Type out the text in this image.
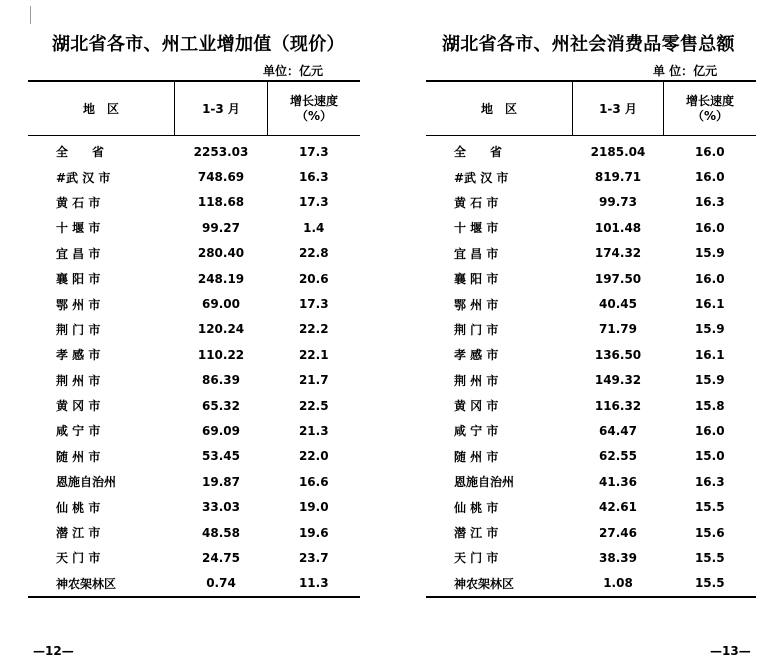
湖北省各市、州工业增加值（现价）
单位：亿元
地　区	1-3 月	增长速度
（%）

全　　省	2253.03	17.3
#武 汉 市	748.69	16.3
黄 石 市	118.68	17.3
十 堰 市	99.27	1.4
宜 昌 市	280.40	22.8
襄 阳 市	248.19	20.6
鄂 州 市	69.00	17.3
荆 门 市	120.24	22.2
孝 感 市	110.22	22.1
荆 州 市	86.39	21.7
黄 冈 市	65.32	22.5
咸 宁 市	69.09	21.3
随 州 市	53.45	22.0
恩施自治州	19.87	16.6
仙 桃 市	33.03	19.0
潜 江 市	48.58	19.6
天 门 市	24.75	23.7
神农架林区	0.74	11.3
—12—
湖北省各市、州社会消费品零售总额
单 位：亿元
地　区	1-3 月	增长速度
（%）

全　　省	2185.04	16.0
#武 汉 市	819.71	16.0
黄 石 市	99.73	16.3
十 堰 市	101.48	16.0
宜 昌 市	174.32	15.9
襄 阳 市	197.50	16.0
鄂 州 市	40.45	16.1
荆 门 市	71.79	15.9
孝 感 市	136.50	16.1
荆 州 市	149.32	15.9
黄 冈 市	116.32	15.8
咸 宁 市	64.47	16.0
随 州 市	62.55	15.0
恩施自治州	41.36	16.3
仙 桃 市	42.61	15.5
潜 江 市	27.46	15.6
天 门 市	38.39	15.5
神农架林区	1.08	15.5
—13—
